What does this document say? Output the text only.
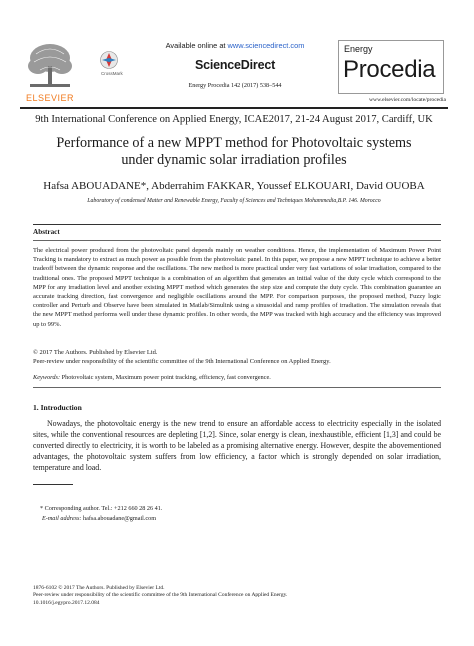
ELSEVIER
CrossMark
Available online at www.sciencedirect.com
ScienceDirect
Energy Procedia 142 (2017) 538–544
Energy
Procedia
www.elsevier.com/locate/procedia
9th International Conference on Applied Energy, ICAE2017, 21-24 August 2017, Cardiff, UK
Performance of a new MPPT method for Photovoltaic systems
under dynamic solar irradiation profiles
Hafsa ABOUADANE*, Abderrahim FAKKAR, Youssef ELKOUARI, David OUOBA
Laboratory of condensed Matter and Renewable Energy, Faculty of Sciences and Techniques Mohammedia,B.P. 146. Morocco
Abstract
The electrical power produced from the photovoltaic panel depends mainly on weather conditions. Hence, the implementation of Maximum Power Point Tracking is mandatory to extract as much power as possible from the photovoltaic panel. In this paper, we propose a new MPPT technique to achieve a better tradeoff between the dynamic response and the oscillations. The new method is more practical under very fast variations of solar irradiation, compared to the traditional ones. The proposed MPPT technique is a combination of an algorithm that generates an initial value of the duty cycle which correspond to the MPP for any irradiation level and another existing MPPT method which generates the step size and compute the duty cycle. This combination guarantee an accurate tracking direction, fast convergence and negligible oscillations around the MPP. For comparison purposes, the proposed method, Fuzzy logic controller and Perturb and Observe have been simulated in Matlab/Simulink using a sinusoidal and ramp profiles of irradiation. The simulation reveals that the new MPPT method performs well under these dynamic profiles. In other words, the MPP was tracked with high accuracy and the efficiency was improved up to 99%.
© 2017 The Authors. Published by Elsevier Ltd.
Peer-review under responsibility of the scientific committee of the 9th International Conference on Applied Energy.
Keywords: Photovoltaic system, Maximum power point tracking, efficiency, fast convergence.
1. Introduction
Nowadays, the photovoltaic energy is the new trend to ensure an affordable access to electricity especially in the isolated sites, while the conventional resources are depleting [1,2]. Since, solar energy is clean, inexhaustible, efficient [1,3] and could be converted directly to electricity, it is worth to be labeled as a promising alternative energy. However, despite the abovementioned advantages, the photovoltaic system suffers from low efficiency, a factor which is strongly depended on solar irradiation, temperature and load.
* Corresponding author. Tel.: +212 660 28 26 41.
E-mail address: hafsa.abouadane@gmail.com
1876-6102 © 2017 The Authors. Published by Elsevier Ltd.
Peer-review under responsibility of the scientific committee of the 9th International Conference on Applied Energy.
10.1016/j.egypro.2017.12.084
